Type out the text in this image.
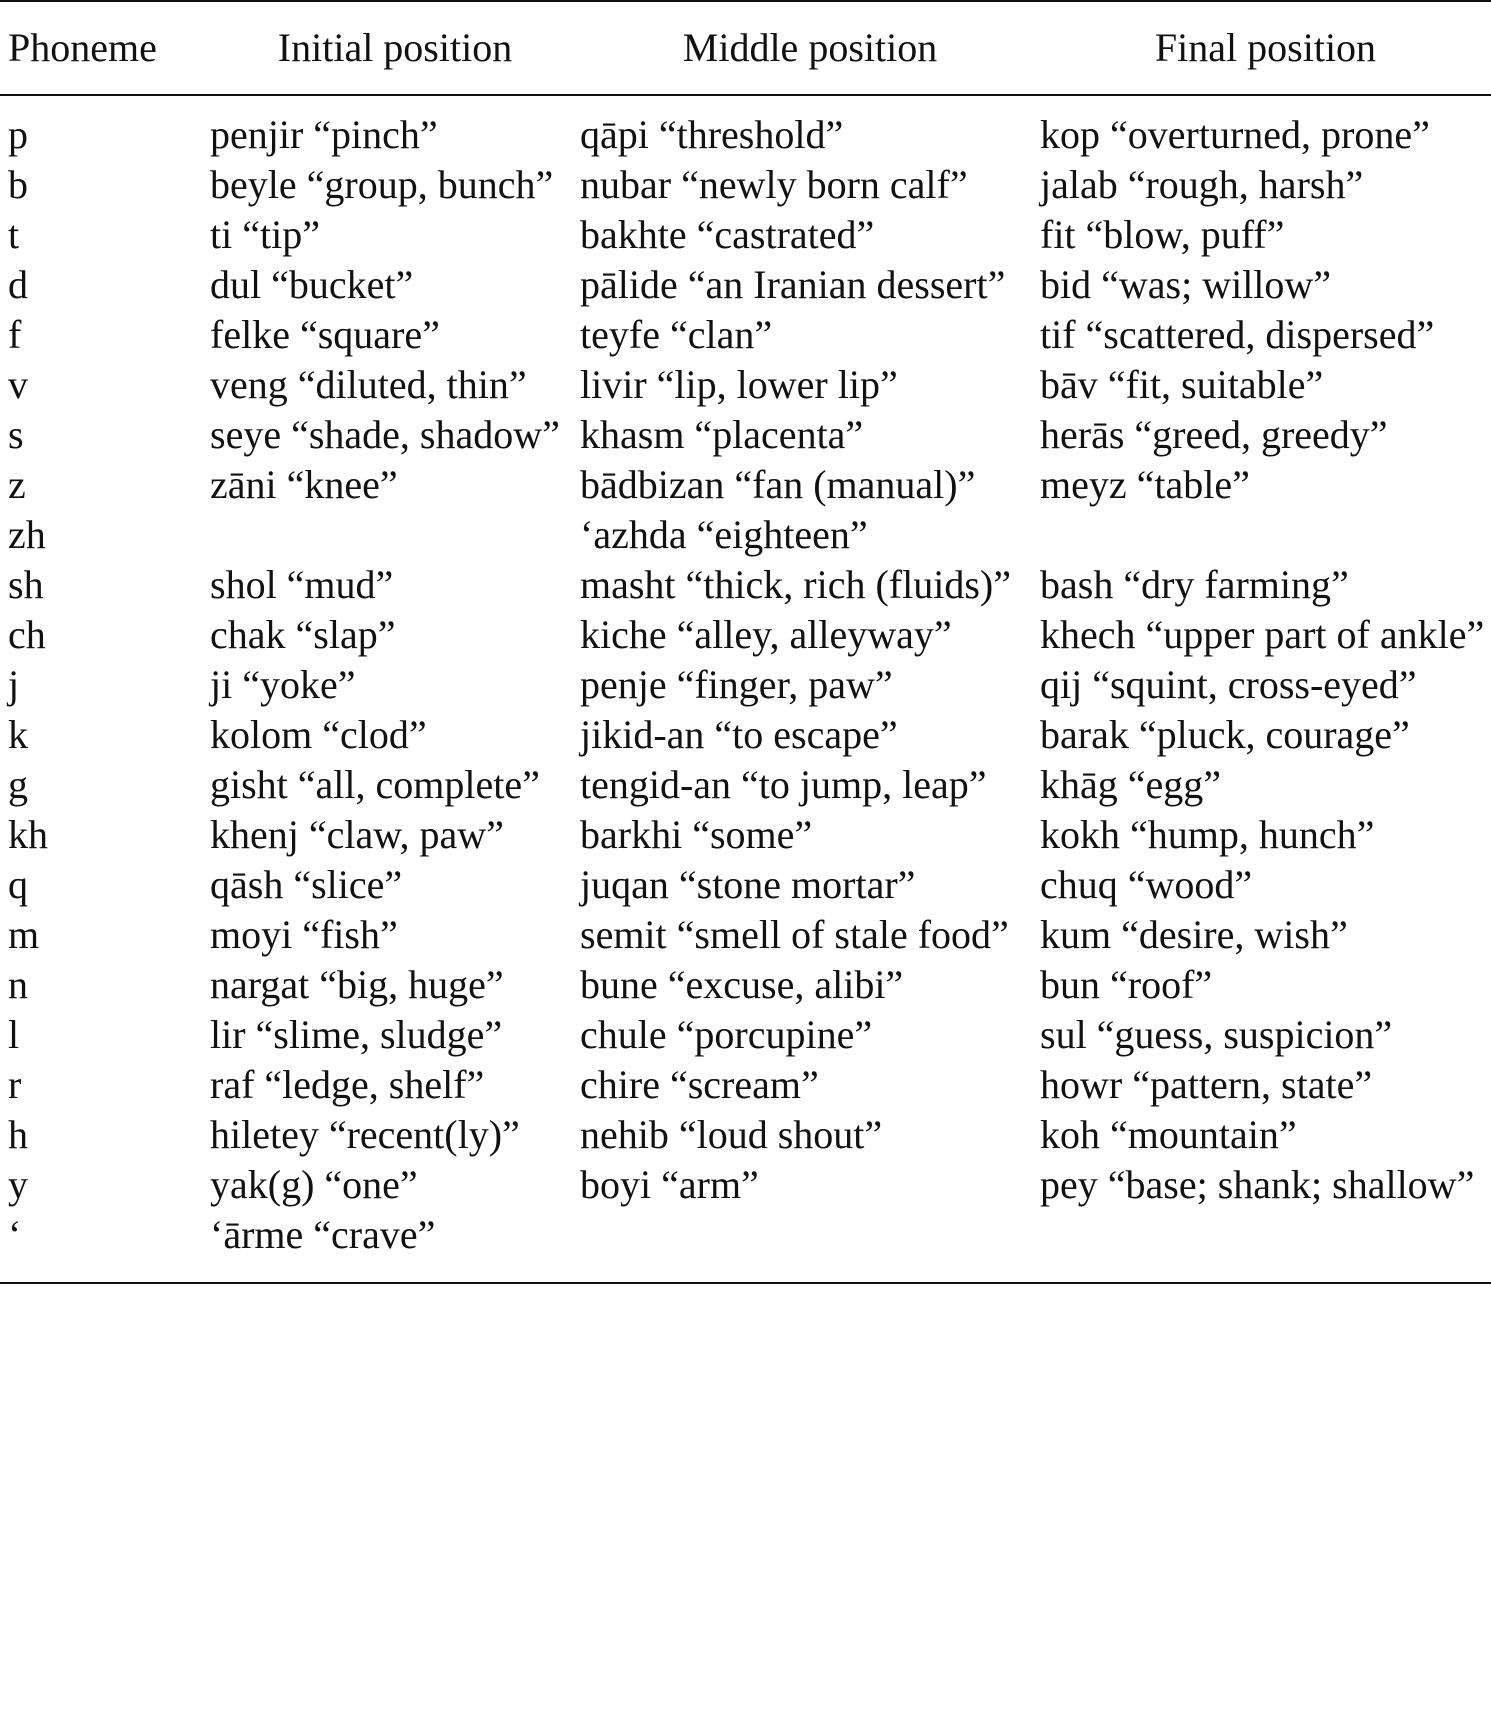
Phoneme	Initial position	Middle position	Final position
p	penjir “pinch”	qāpi “threshold”	kop “overturned, prone”
b	beyle “group, bunch”	nubar “newly born calf”	jalab “rough, harsh”
t	ti “tip”	bakhte “castrated”	fit “blow, puff”
d	dul “bucket”	pālide “an Iranian dessert”	bid “was; willow”
f	felke “square”	teyfe “clan”	tif “scattered, dispersed”
v	veng “diluted, thin”	livir “lip, lower lip”	bāv “fit, suitable”
s	seye “shade, shadow”	khasm “placenta”	herās “greed, greedy”
z	zāni “knee”	bādbizan “fan (manual)”	meyz “table”
zh		‘azhda “eighteen”	
sh	shol “mud”	masht “thick, rich (fluids)”	bash “dry farming”
ch	chak “slap”	kiche “alley, alleyway”	khech “upper part of ankle”
j	ji “yoke”	penje “finger, paw”	qij “squint, cross-eyed”
k	kolom “clod”	jikid-an “to escape”	barak “pluck, courage”
g	gisht “all, complete”	tengid-an “to jump, leap”	khāg “egg”
kh	khenj “claw, paw”	barkhi “some”	kokh “hump, hunch”
q	qāsh “slice”	juqan “stone mortar”	chuq “wood”
m	moyi “fish”	semit “smell of stale food”	kum “desire, wish”
n	nargat “big, huge”	bune “excuse, alibi”	bun “roof”
l	lir “slime, sludge”	chule “porcupine”	sul “guess, suspicion”
r	raf “ledge, shelf”	chire “scream”	howr “pattern, state”
h	hiletey “recent(ly)”	nehib “loud shout”	koh “mountain”
y	yak(g) “one”	boyi “arm”	pey “base; shank; shallow”
‘	‘ārme “crave”		
